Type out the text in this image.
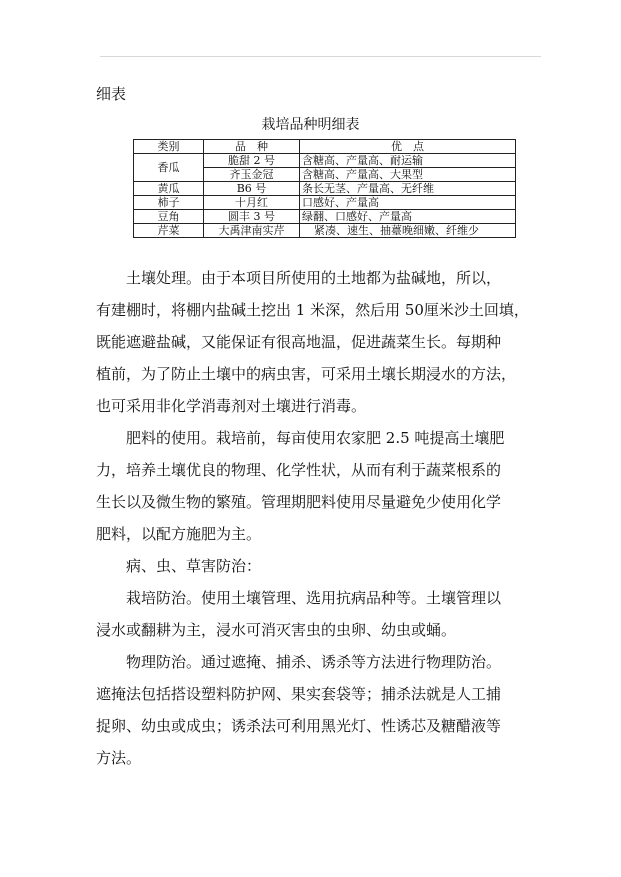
细表
栽培品种明细表
类别	品　种	优　点
香瓜	脆甜 2 号	含糖高、产量高、耐运输
	齐玉金冠	含糖高、产量高、大果型
黄瓜	B6 号	条长无茎、产量高、无纤维
柿子	十月红	口感好、产量高
豆角	圆丰 3 号	绿翻、口感好、产量高
芹菜	大禹津南实芹	紧凑、速生、抽薹晚细嫩、纤维少

土壤处理。由于本项目所使用的土地都为盐碱地，所以，
有建棚时，将棚内盐碱土挖出 1 米深，然后用 50厘米沙土回填，
既能遮避盐碱，又能保证有很高地温，促进蔬菜生长。每期种
植前，为了防止土壤中的病虫害，可采用土壤长期浸水的方法，
也可采用非化学消毒剂对土壤进行消毒。

肥料的使用。栽培前，每亩使用农家肥 2.5 吨提高土壤肥
力，培养土壤优良的物理、化学性状，从而有利于蔬菜根系的
生长以及微生物的繁殖。管理期肥料使用尽量避免少使用化学
肥料，以配方施肥为主。

病、虫、草害防治：

栽培防治。使用土壤管理、选用抗病品种等。土壤管理以
浸水或翻耕为主，浸水可消灭害虫的虫卵、幼虫或蛹。

物理防治。通过遮掩、捕杀、诱杀等方法进行物理防治。
遮掩法包括搭设塑料防护网、果实套袋等；捕杀法就是人工捕
捉卵、幼虫或成虫；诱杀法可利用黑光灯、性诱芯及糖醋液等
方法。
